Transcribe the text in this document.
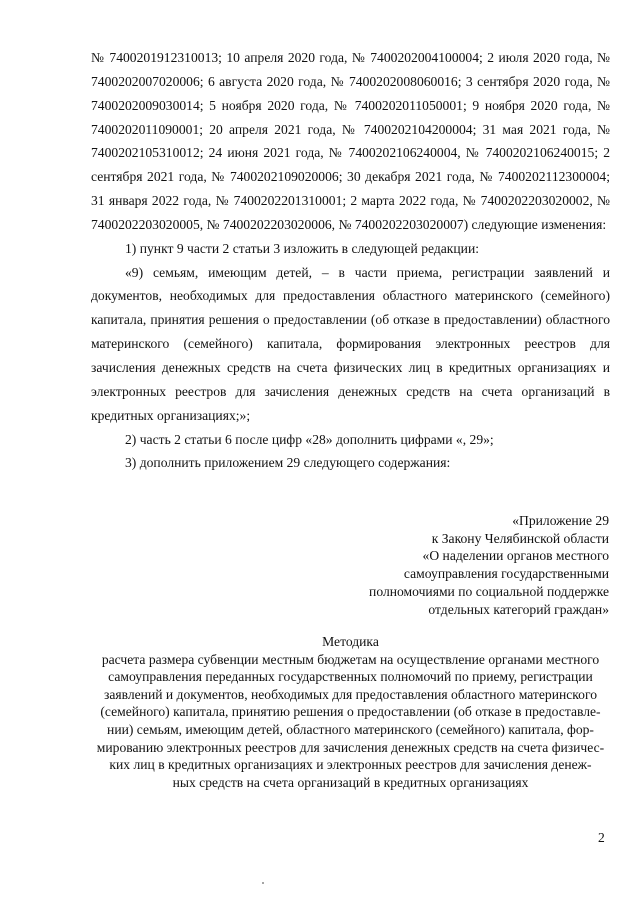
№ 7400201912310013; 10 апреля 2020 года, № 7400202004100004; 2 июля 2020 года, № 7400202007020006; 6 августа 2020 года, № 7400202008060016; 3 сентября 2020 года, № 7400202009030014; 5 ноября 2020 года, № 7400202011050001; 9 ноября 2020 года, № 7400202011090001; 20 апреля 2021 года, № 7400202104200004; 31 мая 2021 года, № 7400202105310012; 24 июня 2021 года, № 7400202106240004, № 7400202106240015; 2 сентября 2021 года, № 7400202109020006; 30 декабря 2021 года, № 7400202112300004; 31 января 2022 года, № 7400202201310001; 2 марта 2022 года, № 7400202203020002, № 7400202203020005, № 7400202203020006, № 7400202203020007) следующие изменения:

1) пункт 9 части 2 статьи 3 изложить в следующей редакции:

«9) семьям, имеющим детей, – в части приема, регистрации заявлений и документов, необходимых для предоставления областного материнского (семейного) капитала, принятия решения о предоставлении (об отказе в предоставлении) областного материнского (семейного) капитала, формирования электронных реестров для зачисления денежных средств на счета физических лиц в кредитных организациях и электронных реестров для зачисления денежных средств на счета организаций в кредитных организациях;»;

2) часть 2 статьи 6 после цифр «28» дополнить цифрами «, 29»;

3) дополнить приложением 29 следующего содержания:

«Приложение 29
к Закону Челябинской области
«О наделении органов местного
самоуправления государственными
полномочиями по социальной поддержке
отдельных категорий граждан»
Методика
расчета размера субвенции местным бюджетам на осуществление органами местного
самоуправления переданных государственных полномочий по приему, регистрации
заявлений и документов, необходимых для предоставления областного материнского
(семейного) капитала, принятию решения о предоставлении (об отказе в предоставле-
нии) семьям, имеющим детей, областного материнского (семейного) капитала, фор-
мированию электронных реестров для зачисления денежных средств на счета физичес-
ких лиц в кредитных организациях и электронных реестров для зачисления денеж-
ных средств на счета организаций в кредитных организациях
2
